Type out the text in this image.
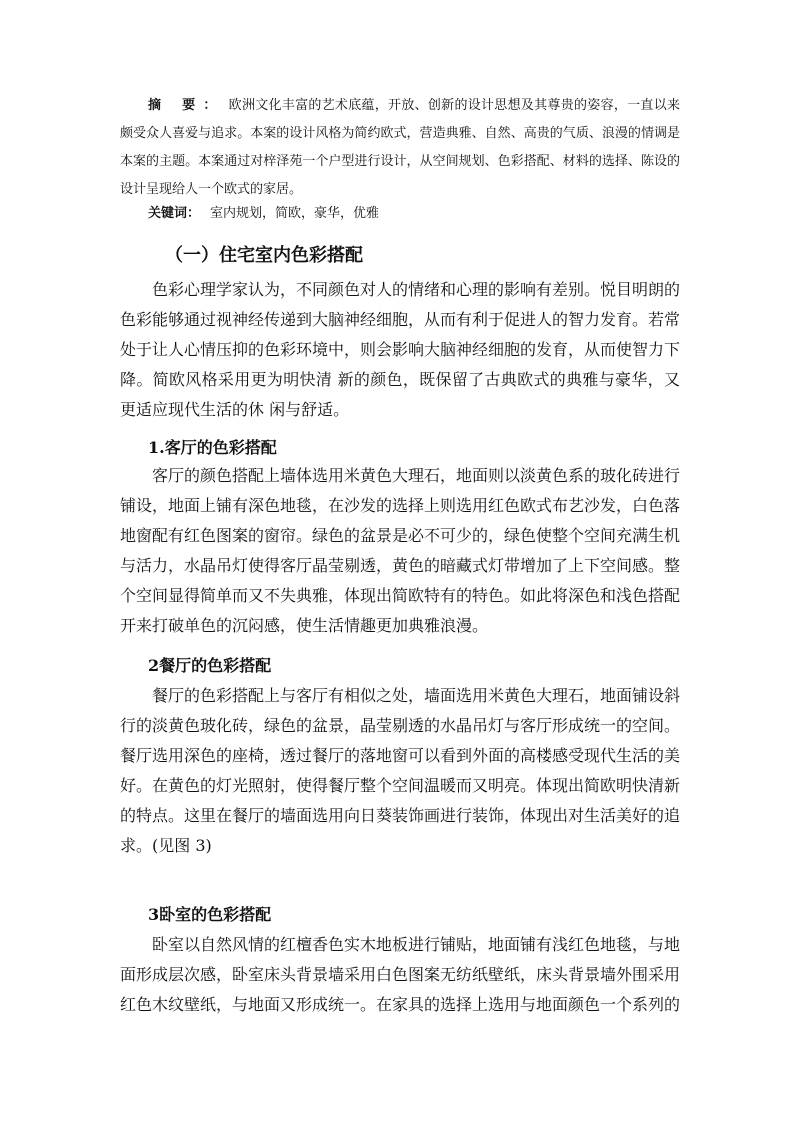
摘 要： 欧洲文化丰富的艺术底蕴，开放、创新的设计思想及其尊贵的姿容，一直以来颇受众人喜爱与追求。本案的设计风格为简约欧式，营造典雅、自然、高贵的气质、浪漫的情调是本案的主题。本案通过对梓泽苑一个户型进行设计，从空间规划、色彩搭配、材料的选择、陈设的设计呈现给人一个欧式的家居。
关键词： 室内规划，简欧，豪华，优雅
（一）住宅室内色彩搭配
色彩心理学家认为，不同颜色对人的情绪和心理的影响有差别。悦目明朗的色彩能够通过视神经传递到大脑神经细胞，从而有利于促进人的智力发育。若常处于让人心情压抑的色彩环境中，则会影响大脑神经细胞的发育，从而使智力下降。简欧风格采用更为明快清 新的颜色，既保留了古典欧式的典雅与豪华，又更适应现代生活的休 闲与舒适。
1.客厅的色彩搭配
客厅的颜色搭配上墙体选用米黄色大理石，地面则以淡黄色系的玻化砖进行铺设，地面上铺有深色地毯，在沙发的选择上则选用红色欧式布艺沙发，白色落地窗配有红色图案的窗帘。绿色的盆景是必不可少的，绿色使整个空间充满生机与活力，水晶吊灯使得客厅晶莹剔透，黄色的暗藏式灯带增加了上下空间感。整个空间显得简单而又不失典雅，体现出简欧特有的特色。如此将深色和浅色搭配开来打破单色的沉闷感，使生活情趣更加典雅浪漫。
2餐厅的色彩搭配
餐厅的色彩搭配上与客厅有相似之处，墙面选用米黄色大理石，地面铺设斜行的淡黄色玻化砖，绿色的盆景，晶莹剔透的水晶吊灯与客厅形成统一的空间。餐厅选用深色的座椅，透过餐厅的落地窗可以看到外面的高楼感受现代生活的美好。在黄色的灯光照射，使得餐厅整个空间温暖而又明亮。体现出简欧明快清新的特点。这里在餐厅的墙面选用向日葵装饰画进行装饰，体现出对生活美好的追求。(见图 3)
3卧室的色彩搭配
卧室以自然风情的红檀香色实木地板进行铺贴，地面铺有浅红色地毯，与地面形成层次感，卧室床头背景墙采用白色图案无纺纸壁纸，床头背景墙外围采用红色木纹壁纸，与地面又形成统一。在家具的选择上选用与地面颜色一个系列的
